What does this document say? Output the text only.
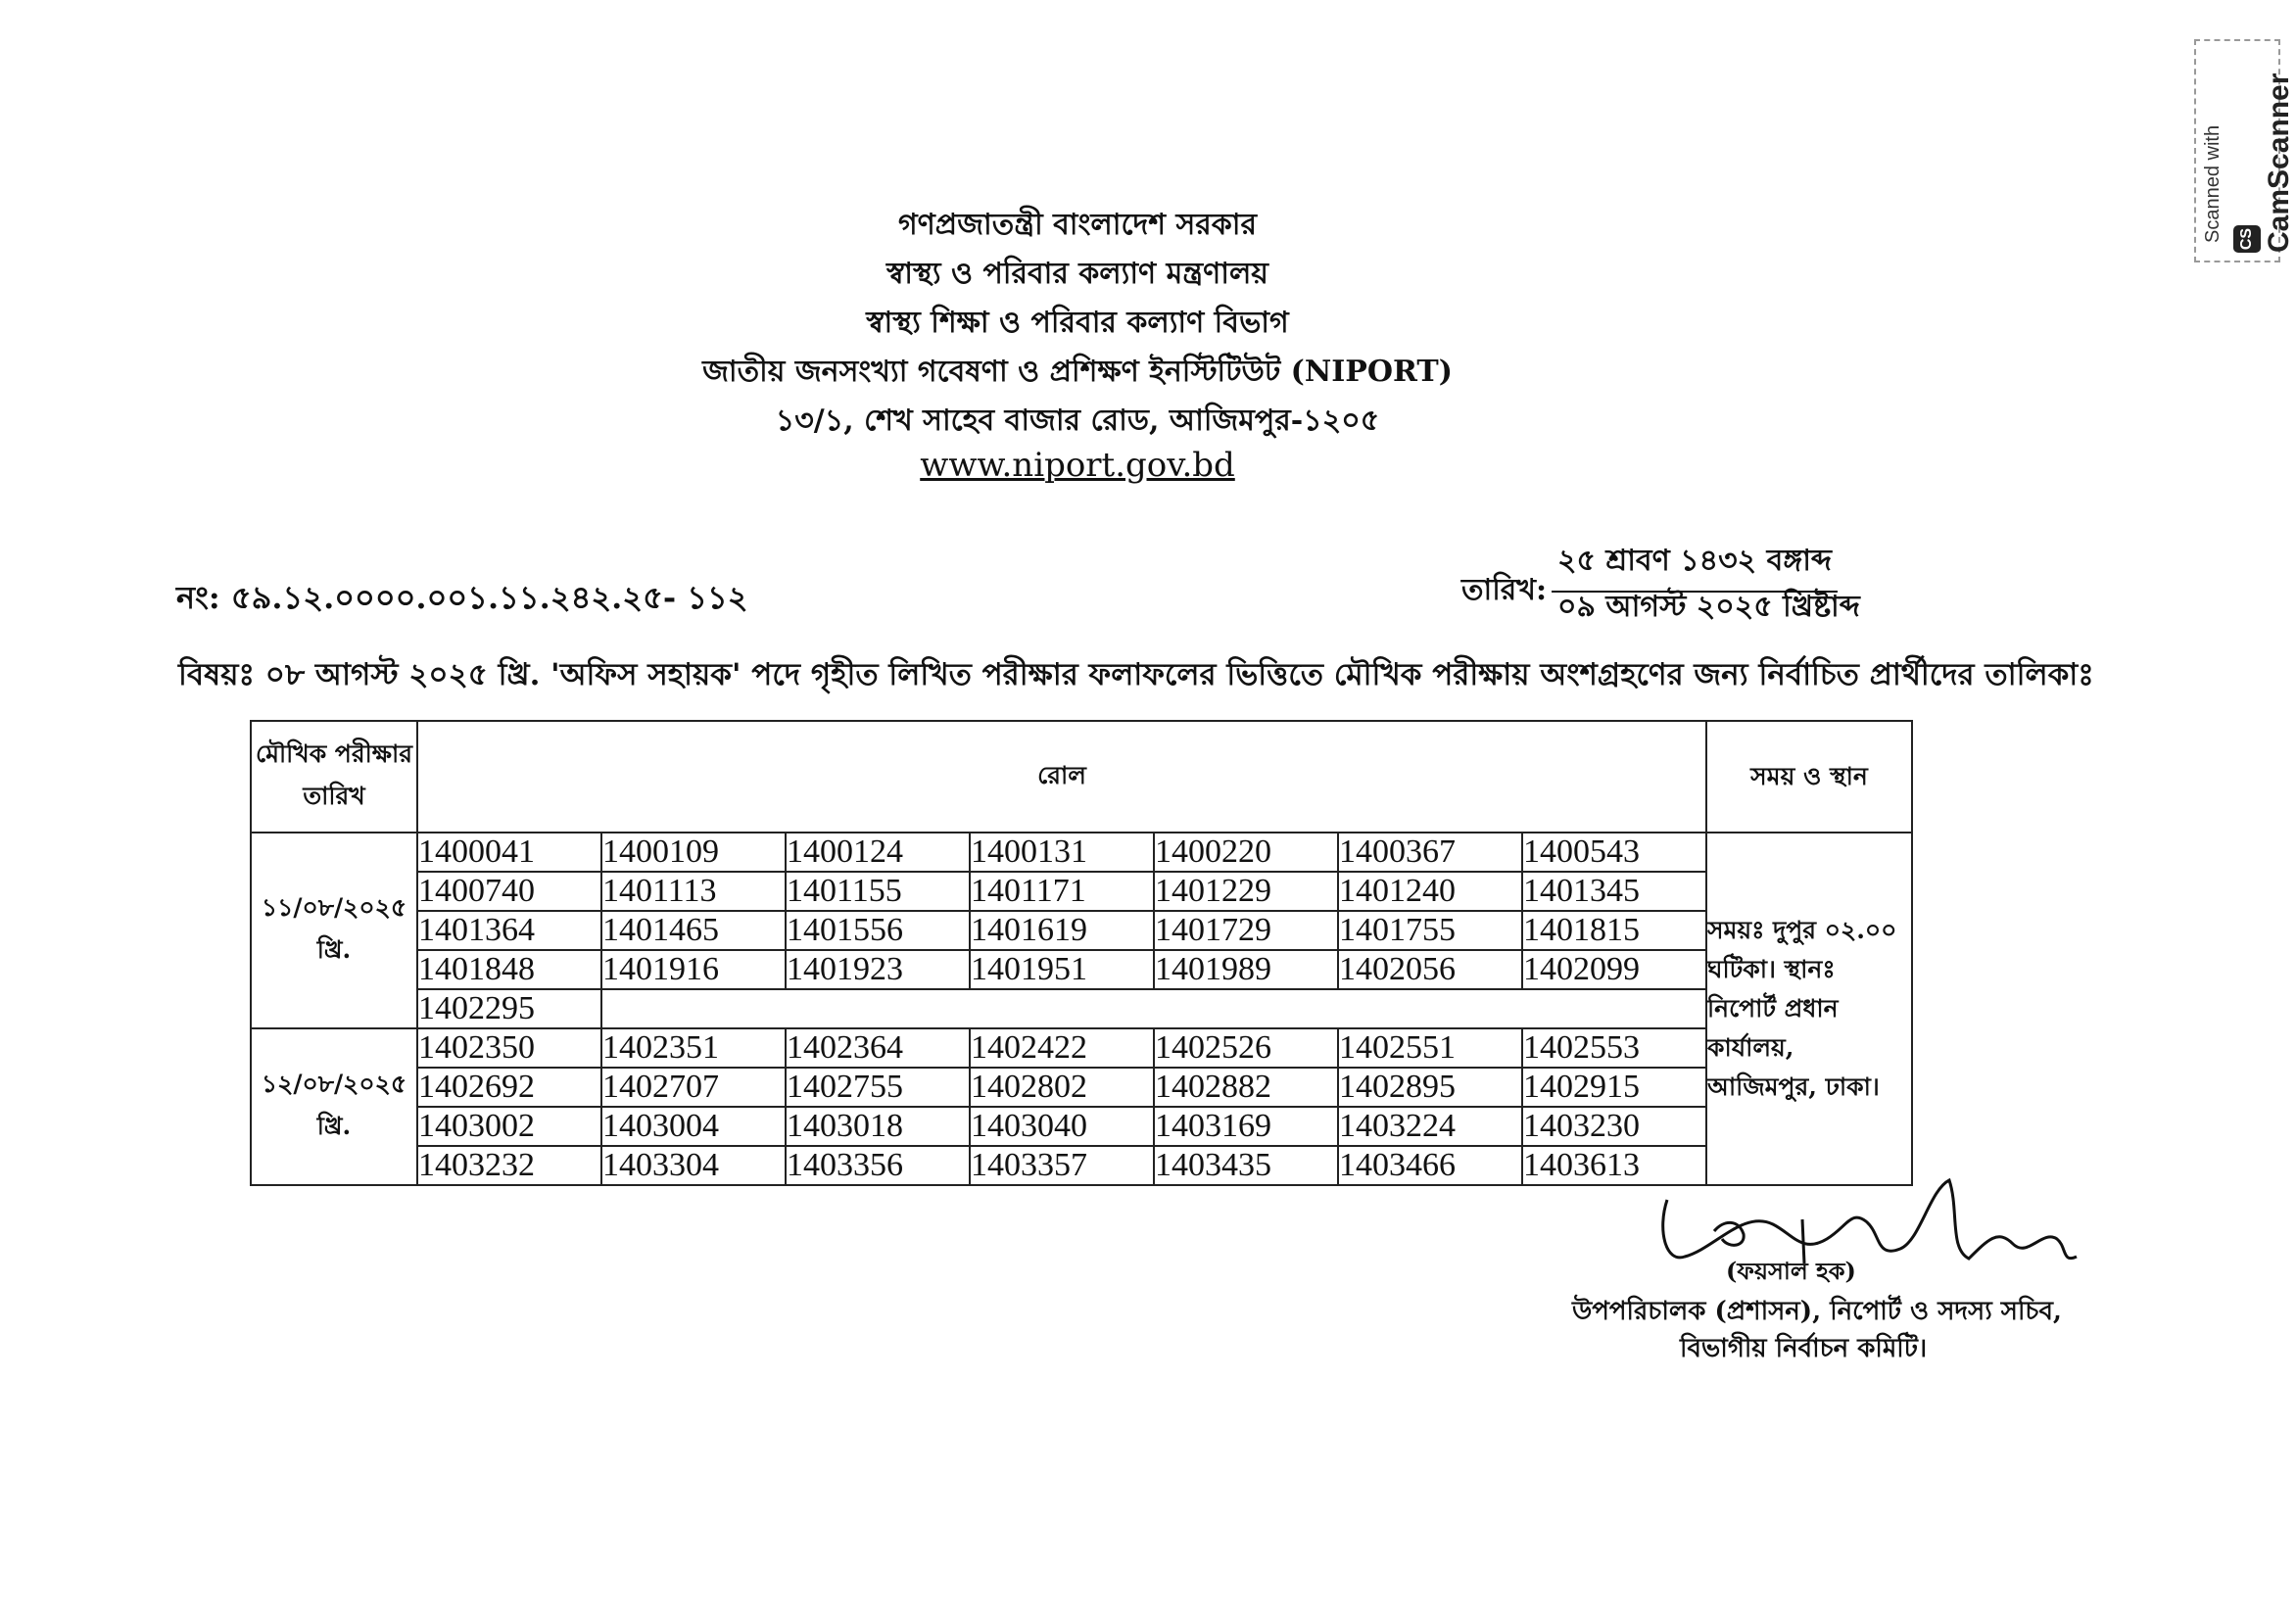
গণপ্রজাতন্ত্রী বাংলাদেশ সরকার
স্বাস্থ্য ও পরিবার কল্যাণ মন্ত্রণালয়
স্বাস্থ্য শিক্ষা ও পরিবার কল্যাণ বিভাগ
জাতীয় জনসংখ্যা গবেষণা ও প্রশিক্ষণ ইনস্টিটিউট (NIPORT)
১৩/১, শেখ সাহেব বাজার রোড, আজিমপুর-১২০৫
www.niport.gov.bd
নং: ৫৯.১২.০০০০.০০১.১১.২৪২.২৫- ১১২	তারিখ:
২৫ শ্রাবণ ১৪৩২ বঙ্গাব্দ
০৯ আগস্ট ২০২৫ খ্রিষ্টাব্দ
বিষয়ঃ ০৮ আগস্ট ২০২৫ খ্রি. 'অফিস সহায়ক' পদে গৃহীত লিখিত পরীক্ষার ফলাফলের ভিত্তিতে মৌখিক পরীক্ষায় অংশগ্রহণের জন্য নির্বাচিত প্রার্থীদের তালিকাঃ
মৌখিক পরীক্ষার তারিখ	রোল							সময় ও স্থান
১১/০৮/২০২৫ খ্রি.	1400041	1400109	1400124	1400131	1400220	1400367	1400543	সময়ঃ দুপুর ০২.০০ ঘটিকা। স্থানঃ নিপোর্ট প্রধান কার্যালয়, আজিমপুর, ঢাকা।
	1400740	1401113	1401155	1401171	1401229	1401240	1401345	
	1401364	1401465	1401556	1401619	1401729	1401755	1401815	
	1401848	1401916	1401923	1401951	1401989	1402056	1402099	
	1402295							
১২/০৮/২০২৫ খ্রি.	1402350	1402351	1402364	1402422	1402526	1402551	1402553	
	1402692	1402707	1402755	1402802	1402882	1402895	1402915	
	1403002	1403004	1403018	1403040	1403169	1403224	1403230	
	1403232	1403304	1403356	1403357	1403435	1403466	1403613	
(ফয়সাল হক)
উপপরিচালক (প্রশাসন), নিপোর্ট ও সদস্য সচিব,
বিভাগীয় নির্বাচন কমিটি।
Scanned with CS CamScanner
